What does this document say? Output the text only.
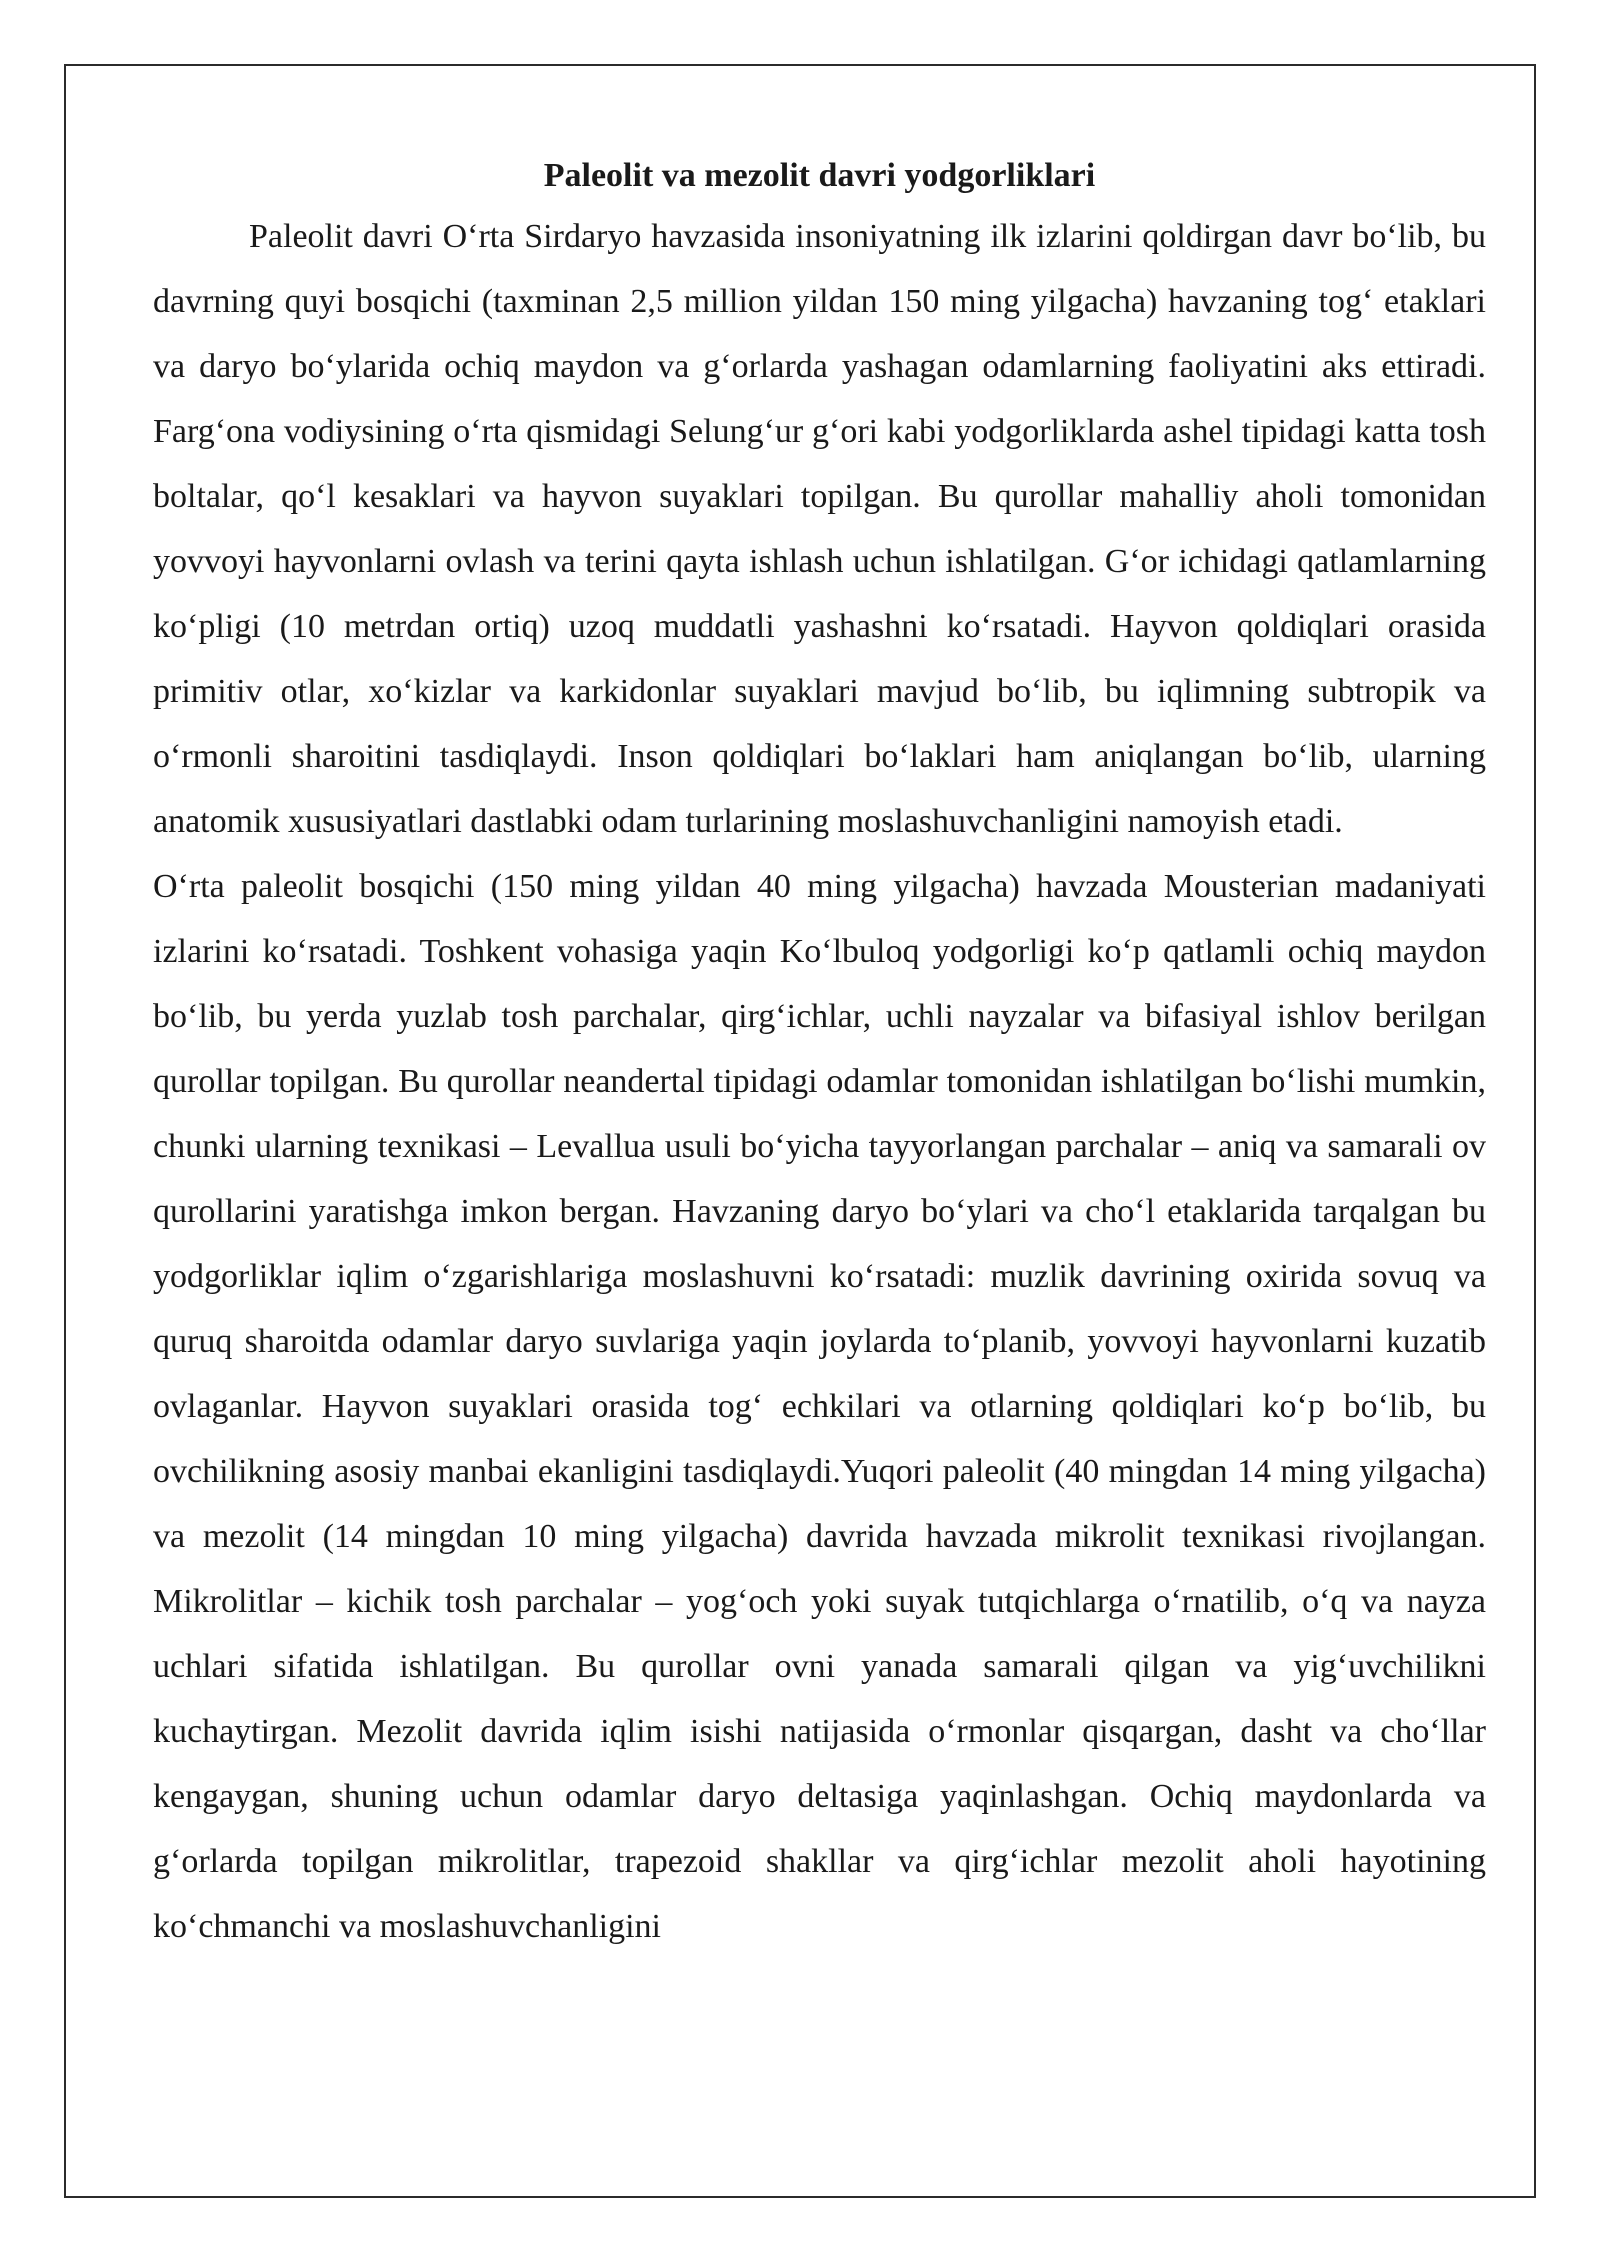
Paleolit va mezolit davri yodgorliklari

Paleolit davri O‘rta Sirdaryo havzasida insoniyatning ilk izlarini qoldirgan davr bo‘lib, bu davrning quyi bosqichi (taxminan 2,5 million yildan 150 ming yilgacha) havzaning tog‘ etaklari va daryo bo‘ylarida ochiq maydon va g‘orlarda yashagan odamlarning faoliyatini aks ettiradi. Farg‘ona vodiysining o‘rta qismidagi Selung‘ur g‘ori kabi yodgorliklarda ashel tipidagi katta tosh boltalar, qo‘l kesaklari va hayvon suyaklari topilgan. Bu qurollar mahalliy aholi tomonidan yovvoyi hayvonlarni ovlash va terini qayta ishlash uchun ishlatilgan. G‘or ichidagi qatlamlarning ko‘pligi (10 metrdan ortiq) uzoq muddatli yashashni ko‘rsatadi. Hayvon qoldiqlari orasida primitiv otlar, xo‘kizlar va karkidonlar suyaklari mavjud bo‘lib, bu iqlimning subtropik va o‘rmonli sharoitini tasdiqlaydi. Inson qoldiqlari bo‘laklari ham aniqlangan bo‘lib, ularning anatomik xususiyatlari dastlabki odam turlarining moslashuvchanligini namoyish etadi.

O‘rta paleolit bosqichi (150 ming yildan 40 ming yilgacha) havzada Mousterian madaniyati izlarini ko‘rsatadi. Toshkent vohasiga yaqin Ko‘lbuloq yodgorligi ko‘p qatlamli ochiq maydon bo‘lib, bu yerda yuzlab tosh parchalar, qirg‘ichlar, uchli nayzalar va bifasiyal ishlov berilgan qurollar topilgan. Bu qurollar neandertal tipidagi odamlar tomonidan ishlatilgan bo‘lishi mumkin, chunki ularning texnikasi – Levallua usuli bo‘yicha tayyorlangan parchalar – aniq va samarali ov qurollarini yaratishga imkon bergan. Havzaning daryo bo‘ylari va cho‘l etaklarida tarqalgan bu yodgorliklar iqlim o‘zgarishlariga moslashuvni ko‘rsatadi: muzlik davrining oxirida sovuq va quruq sharoitda odamlar daryo suvlariga yaqin joylarda to‘planib, yovvoyi hayvonlarni kuzatib ovlaganlar. Hayvon suyaklari orasida tog‘ echkilari va otlarning qoldiqlari ko‘p bo‘lib, bu ovchilikning asosiy manbai ekanligini tasdiqlaydi.Yuqori paleolit (40 mingdan 14 ming yilgacha) va mezolit (14 mingdan 10 ming yilgacha) davrida havzada mikrolit texnikasi rivojlangan. Mikrolitlar – kichik tosh parchalar – yog‘och yoki suyak tutqichlarga o‘rnatilib, o‘q va nayza uchlari sifatida ishlatilgan. Bu qurollar ovni yanada samarali qilgan va yig‘uvchilikni kuchaytirgan. Mezolit davrida iqlim isishi natijasida o‘rmonlar qisqargan, dasht va cho‘llar kengaygan, shuning uchun odamlar daryo deltasiga yaqinlashgan. Ochiq maydonlarda va g‘orlarda topilgan mikrolitlar, trapezoid shakllar va qirg‘ichlar mezolit aholi hayotining ko‘chmanchi va moslashuvchanligini
